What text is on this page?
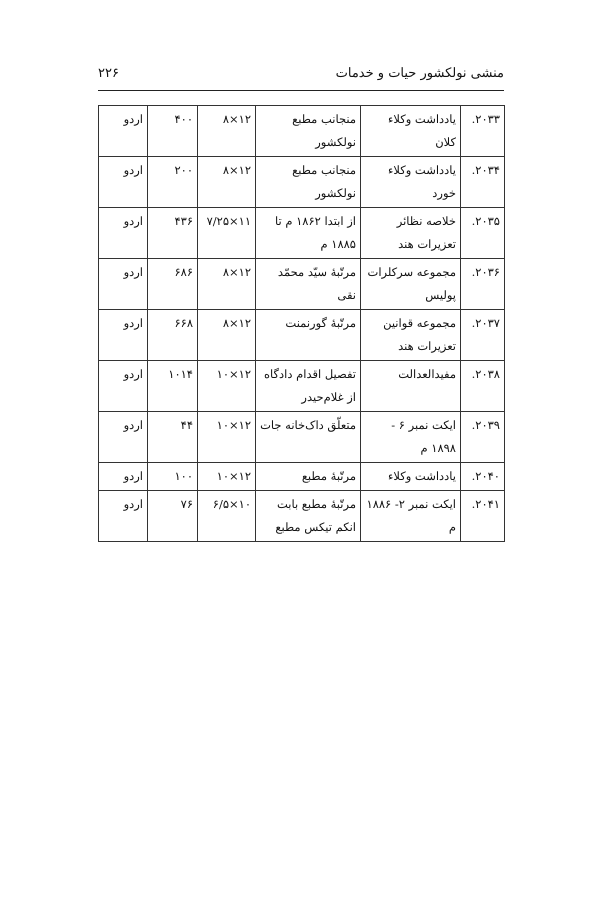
منشی نولکشور حیات و خدمات
۲۲۶
۲۰۳۳.	یادداشت وکلاء کلان	منجانب مطبع نولکشور	۱۲×۸	۴۰۰	اردو
۲۰۳۴.	یادداشت وکلاء خورد	منجانب مطبع نولکشور	۱۲×۸	۲۰۰	اردو
۲۰۳۵.	خلاصه نظائر تعزیرات هند	از ابتدا ۱۸۶۲ م تا ۱۸۸۵ م	۱۱×۷/۲۵	۴۳۶	اردو
۲۰۳۶.	مجموعه سرکلرات پولیس	مرتّبهٔ سیّد محمّد نقی	۱۲×۸	۶۸۶	اردو
۲۰۳۷.	مجموعه قوانین تعزیرات هند	مرتّبهٔ گورنمنت	۱۲×۸	۶۶۸	اردو
۲۰۳۸.	مفیدالعدالت	تفصیل اقدام دادگاه از غلام‌حیدر	۱۲×۱۰	۱۰۱۴	اردو
۲۰۳۹.	ایکت نمبر ۶ - ۱۸۹۸ م	متعلّق داک‌خانه جات	۱۲×۱۰	۴۴	اردو
۲۰۴۰.	یادداشت وکلاء	مرتّبهٔ مطبع	۱۲×۱۰	۱۰۰	اردو
۲۰۴۱.	ایکت نمبر ۲- ۱۸۸۶ م	مرتّبهٔ مطبع بابت انکم تیکس مطبع	۱۰×۶/۵	۷۶	اردو
